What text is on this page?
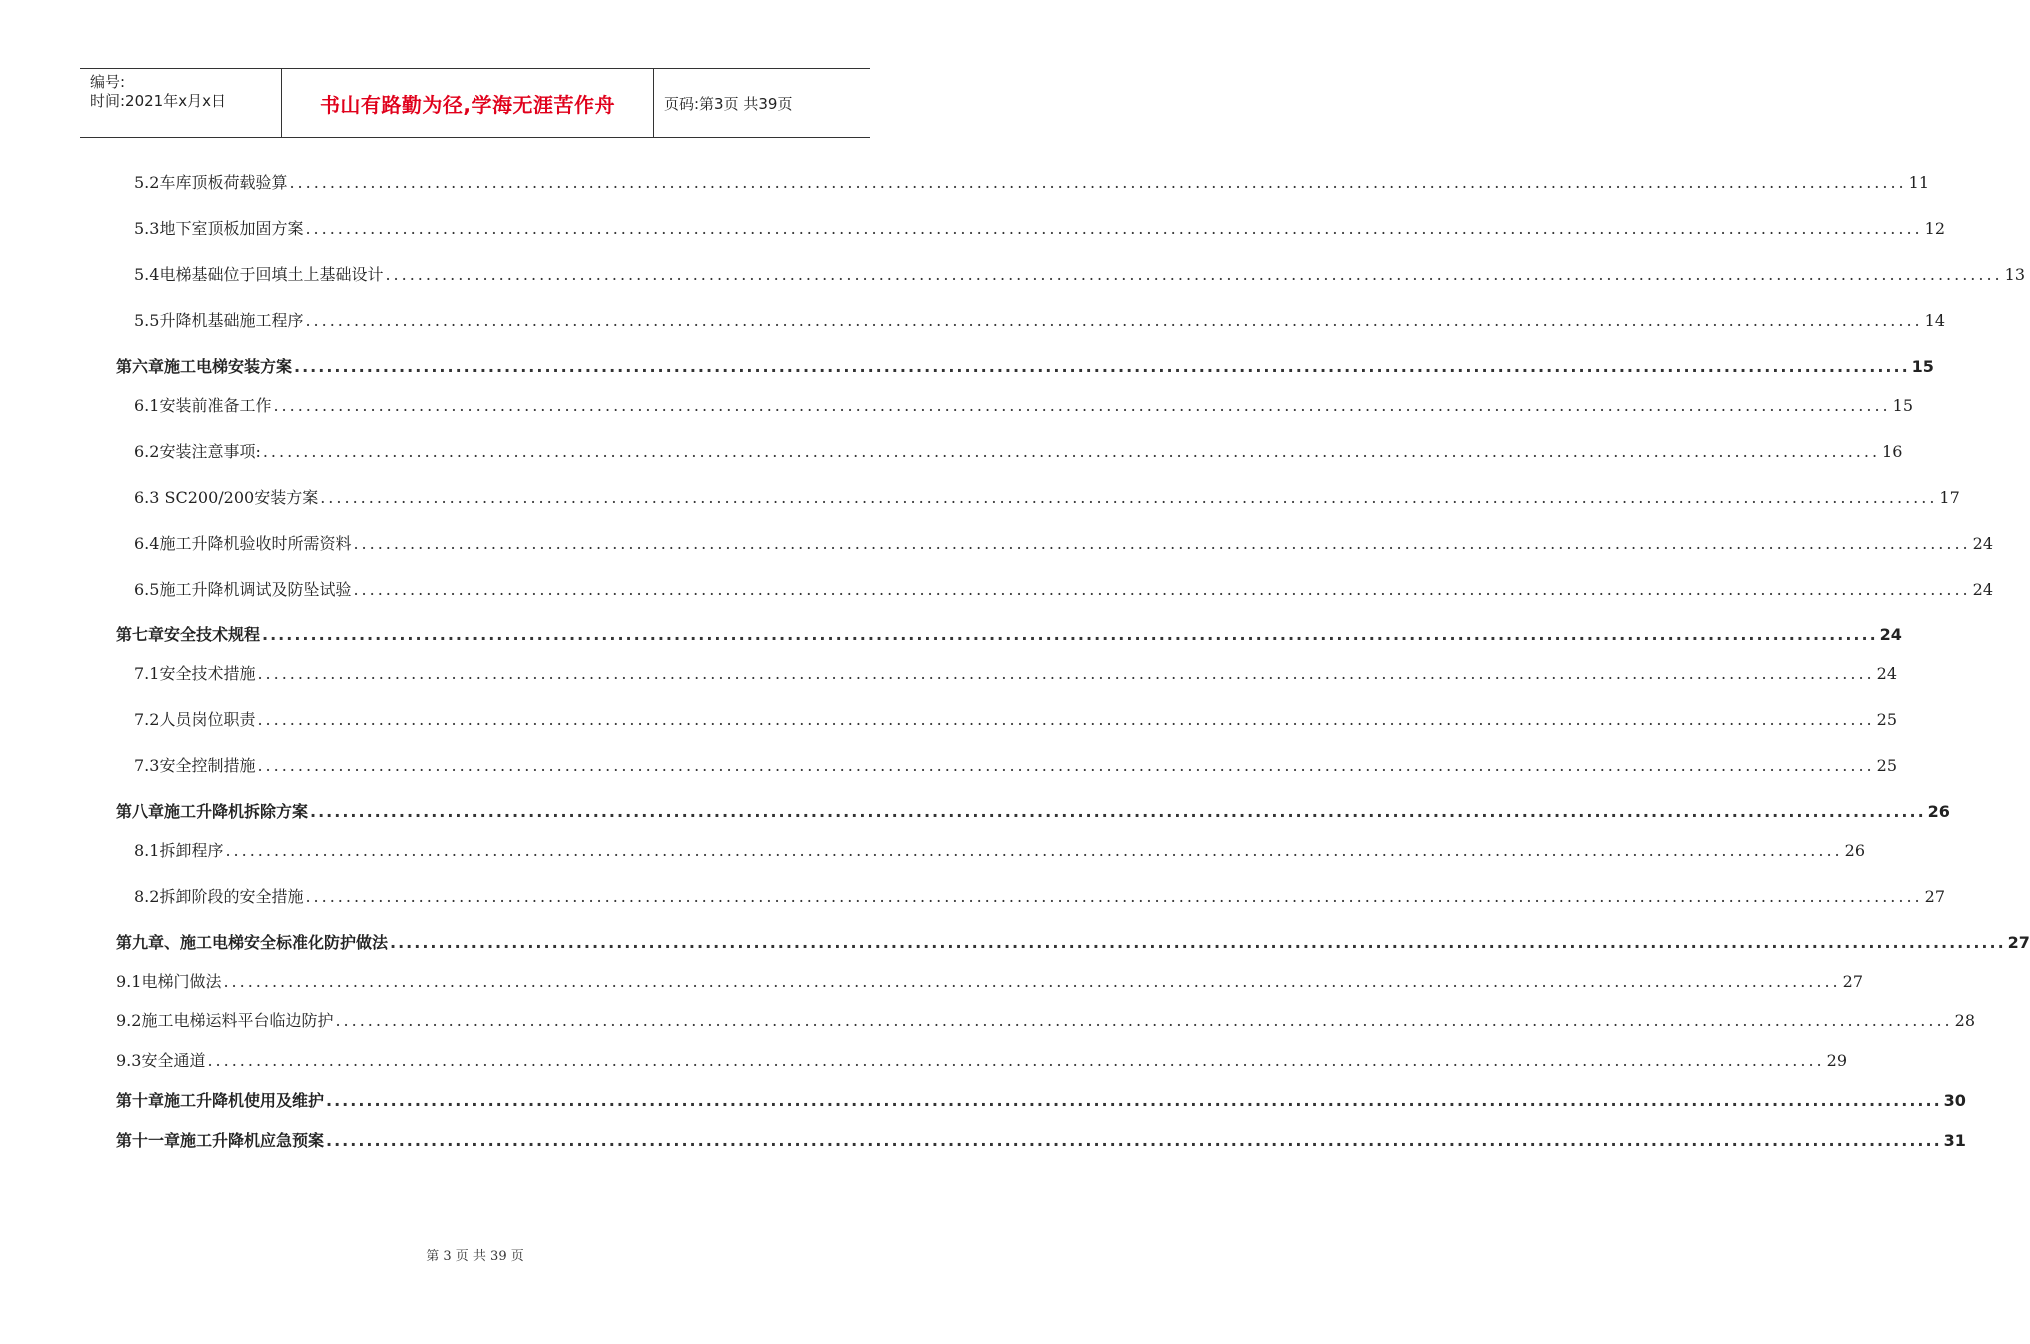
编号:
时间:2021年x月x日	书山有路勤为径,学海无涯苦作舟	页码:第3页 共39页
5.2车库顶板荷载验算 ........................................................................................................................................................................................................ 11
5.3地下室顶板加固方案 ........................................................................................................................................................................................................ 12
5.4电梯基础位于回填土上基础设计 ........................................................................................................................................................................................................ 13
5.5升降机基础施工程序 ........................................................................................................................................................................................................ 14
第六章施工电梯安装方案 ........................................................................................................................................................................................................ 15
6.1安装前准备工作 ........................................................................................................................................................................................................ 15
6.2安装注意事项: ........................................................................................................................................................................................................ 16
6.3 SC200/200安装方案 ........................................................................................................................................................................................................ 17
6.4施工升降机验收时所需资料 ........................................................................................................................................................................................................ 24
6.5施工升降机调试及防坠试验 ........................................................................................................................................................................................................ 24
第七章安全技术规程 ........................................................................................................................................................................................................ 24
7.1安全技术措施 ........................................................................................................................................................................................................ 24
7.2人员岗位职责 ........................................................................................................................................................................................................ 25
7.3安全控制措施 ........................................................................................................................................................................................................ 25
第八章施工升降机拆除方案 ........................................................................................................................................................................................................ 26
8.1拆卸程序 ........................................................................................................................................................................................................ 26
8.2拆卸阶段的安全措施 ........................................................................................................................................................................................................ 27
第九章、施工电梯安全标准化防护做法 ........................................................................................................................................................................................................ 27
9.1电梯门做法 ........................................................................................................................................................................................................ 27
9.2施工电梯运料平台临边防护 ........................................................................................................................................................................................................ 28
9.3安全通道 ........................................................................................................................................................................................................ 29
第十章施工升降机使用及维护 ........................................................................................................................................................................................................ 30
第十一章施工升降机应急预案 ........................................................................................................................................................................................................ 31
第 3 页 共 39 页
